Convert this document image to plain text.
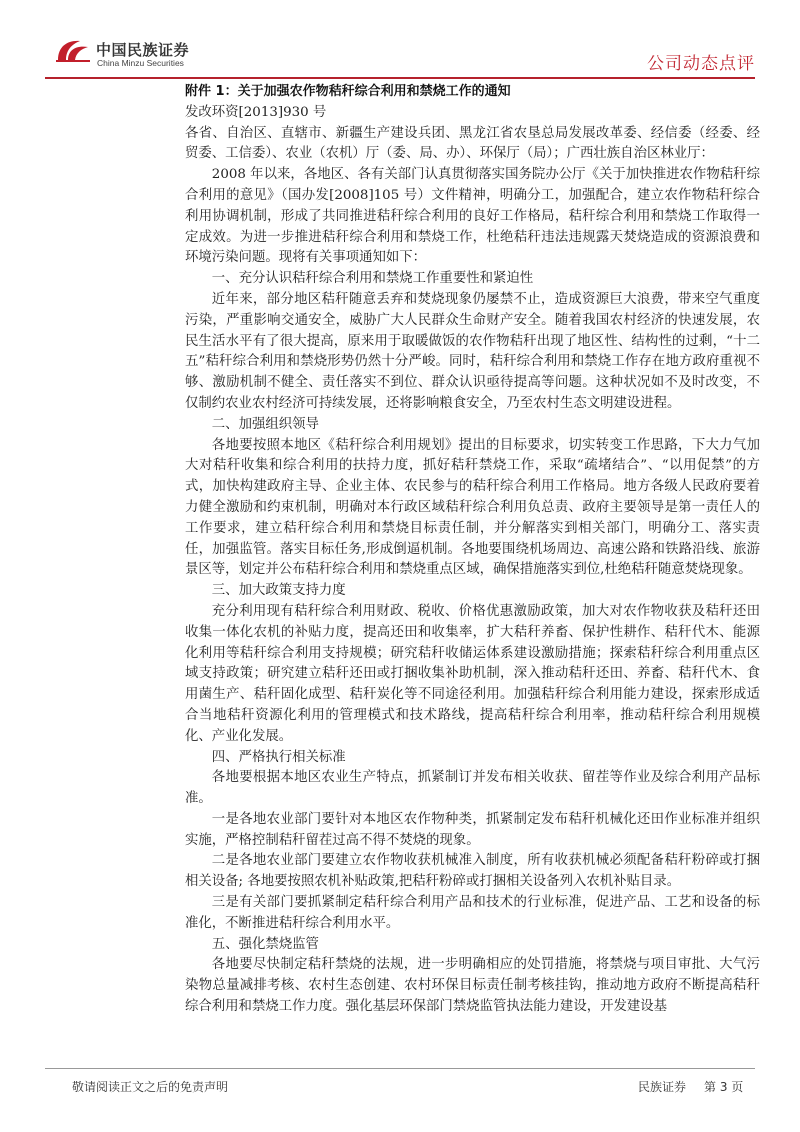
中国民族证券
China Minzu Securities	公司动态点评

附件 1：关于加强农作物秸秆综合利用和禁烧工作的通知

发改环资[2013]930 号

各省、自治区、直辖市、新疆生产建设兵团、黑龙江省农垦总局发展改革委、经信委（经委、经贸委、工信委）、农业（农机）厅（委、局、办）、环保厅（局）；广西壮族自治区林业厅：

2008 年以来，各地区、各有关部门认真贯彻落实国务院办公厅《关于加快推进农作物秸秆综合利用的意见》（国办发[2008]105 号）文件精神，明确分工，加强配合，建立农作物秸秆综合利用协调机制，形成了共同推进秸秆综合利用的良好工作格局，秸秆综合利用和禁烧工作取得一定成效。为进一步推进秸秆综合利用和禁烧工作，杜绝秸秆违法违规露天焚烧造成的资源浪费和环境污染问题。现将有关事项通知如下：

一、充分认识秸秆综合利用和禁烧工作重要性和紧迫性

近年来，部分地区秸秆随意丢弃和焚烧现象仍屡禁不止，造成资源巨大浪费，带来空气重度污染，严重影响交通安全，威胁广大人民群众生命财产安全。随着我国农村经济的快速发展，农民生活水平有了很大提高，原来用于取暖做饭的农作物秸秆出现了地区性、结构性的过剩，“十二五”秸秆综合利用和禁烧形势仍然十分严峻。同时，秸秆综合利用和禁烧工作存在地方政府重视不够、激励机制不健全、责任落实不到位、群众认识亟待提高等问题。这种状况如不及时改变，不仅制约农业农村经济可持续发展，还将影响粮食安全，乃至农村生态文明建设进程。

二、加强组织领导

各地要按照本地区《秸秆综合利用规划》提出的目标要求，切实转变工作思路，下大力气加大对秸秆收集和综合利用的扶持力度，抓好秸秆禁烧工作，采取“疏堵结合”、“以用促禁”的方式，加快构建政府主导、企业主体、农民参与的秸秆综合利用工作格局。地方各级人民政府要着力健全激励和约束机制，明确对本行政区域秸秆综合利用负总责、政府主要领导是第一责任人的工作要求，建立秸秆综合利用和禁烧目标责任制，并分解落实到相关部门，明确分工、落实责任，加强监管。落实目标任务,形成倒逼机制。各地要围绕机场周边、高速公路和铁路沿线、旅游景区等，划定并公布秸秆综合利用和禁烧重点区域，确保措施落实到位,杜绝秸秆随意焚烧现象。

三、加大政策支持力度

充分利用现有秸秆综合利用财政、税收、价格优惠激励政策，加大对农作物收获及秸秆还田收集一体化农机的补贴力度，提高还田和收集率，扩大秸秆养畜、保护性耕作、秸秆代木、能源化利用等秸秆综合利用支持规模；研究秸秆收储运体系建设激励措施；探索秸秆综合利用重点区域支持政策；研究建立秸秆还田或打捆收集补助机制，深入推动秸秆还田、养畜、秸秆代木、食用菌生产、秸秆固化成型、秸秆炭化等不同途径利用。加强秸秆综合利用能力建设，探索形成适合当地秸秆资源化利用的管理模式和技术路线，提高秸秆综合利用率，推动秸秆综合利用规模化、产业化发展。

四、严格执行相关标准

各地要根据本地区农业生产特点，抓紧制订并发布相关收获、留茬等作业及综合利用产品标准。

一是各地农业部门要针对本地区农作物种类，抓紧制定发布秸秆机械化还田作业标准并组织实施，严格控制秸秆留茬过高不得不焚烧的现象。

二是各地农业部门要建立农作物收获机械准入制度，所有收获机械必须配备秸秆粉碎或打捆相关设备; 各地要按照农机补贴政策,把秸秆粉碎或打捆相关设备列入农机补贴目录。

三是有关部门要抓紧制定秸秆综合利用产品和技术的行业标准，促进产品、工艺和设备的标准化，不断推进秸秆综合利用水平。

五、强化禁烧监管

各地要尽快制定秸秆禁烧的法规，进一步明确相应的处罚措施，将禁烧与项目审批、大气污染物总量减排考核、农村生态创建、农村环保目标责任制考核挂钩，推动地方政府不断提高秸秆综合利用和禁烧工作力度。强化基层环保部门禁烧监管执法能力建设，开发建设基

敬请阅读正文之后的免责声明	民族证券 第 3 页
